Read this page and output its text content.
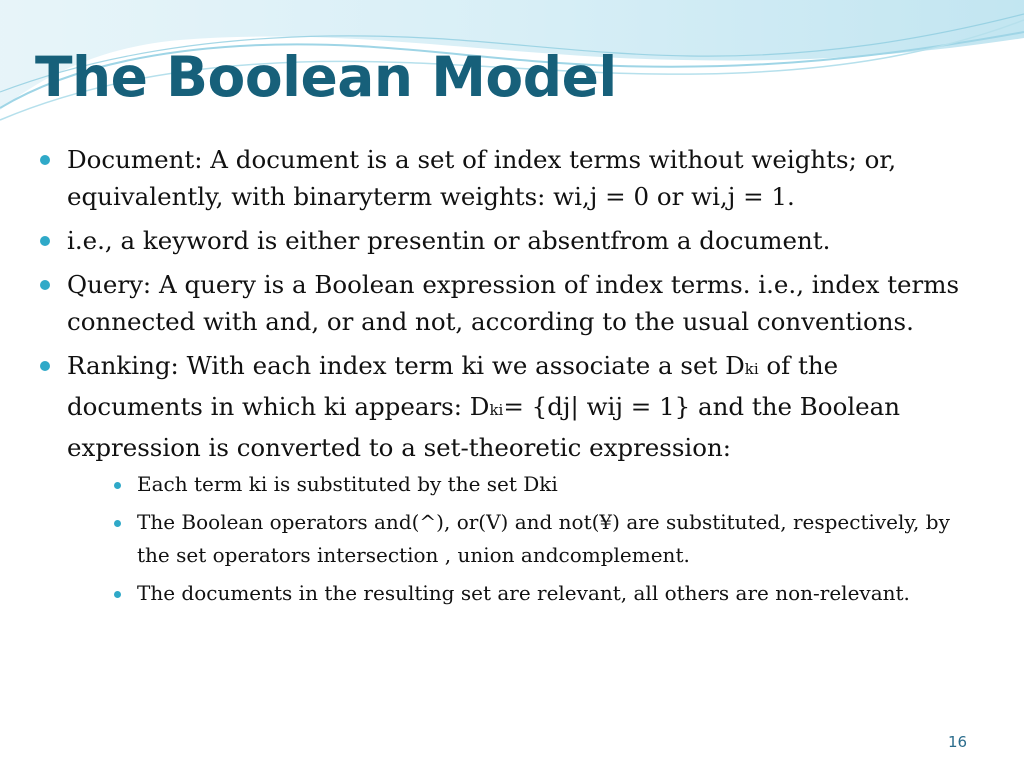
The Boolean Model
Document: A document is a set of index terms without weights; or, equivalently, with binaryterm weights: wi,j = 0 or wi,j = 1.
i.e., a keyword is either presentin or absentfrom a document.
Query: A query is a Boolean expression of index terms. i.e., index terms connected with and, or and not, according to the usual conventions.
Ranking: With each index term ki we associate a set Dki of the documents in which ki appears: Dki= {dj| wij = 1} and the Boolean expression is converted to a set-theoretic expression:
Each term ki is substituted by the set Dki
The Boolean operators and(^), or(V) and not(¥) are substituted, respectively, by the set operators intersection , union andcomplement.
The documents in the resulting set are relevant, all others are non-relevant.
16
